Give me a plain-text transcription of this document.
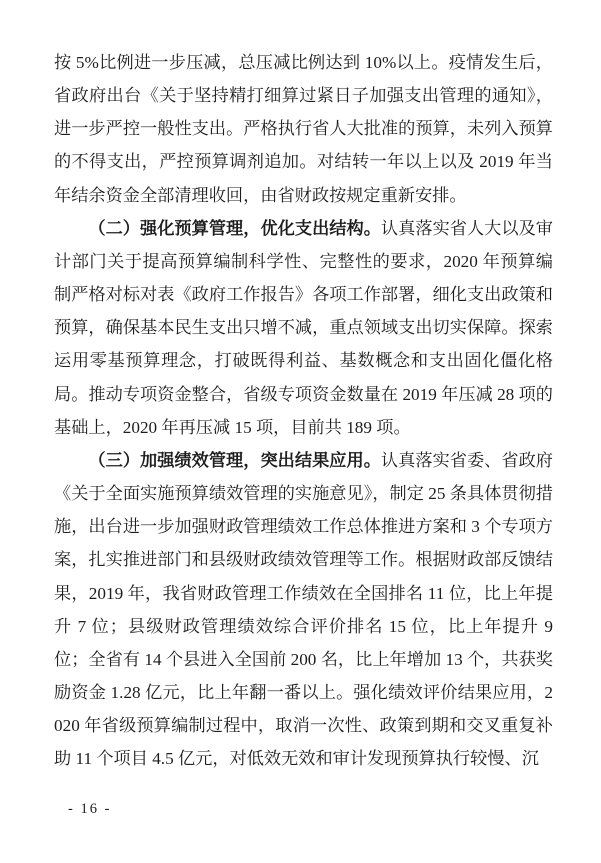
按 5%比例进一步压减，总压减比例达到 10%以上。疫情发生后，省政府出台《关于坚持精打细算过紧日子加强支出管理的通知》，进一步严控一般性支出。严格执行省人大批准的预算，未列入预算的不得支出，严控预算调剂追加。对结转一年以上以及 2019 年当年结余资金全部清理收回，由省财政按规定重新安排。

（二）强化预算管理，优化支出结构。认真落实省人大以及审计部门关于提高预算编制科学性、完整性的要求，2020 年预算编制严格对标对表《政府工作报告》各项工作部署，细化支出政策和预算，确保基本民生支出只增不减，重点领域支出切实保障。探索运用零基预算理念，打破既得利益、基数概念和支出固化僵化格局。推动专项资金整合，省级专项资金数量在 2019 年压减 28 项的基础上，2020 年再压减 15 项，目前共 189 项。

（三）加强绩效管理，突出结果应用。认真落实省委、省政府《关于全面实施预算绩效管理的实施意见》，制定 25 条具体贯彻措施，出台进一步加强财政管理绩效工作总体推进方案和 3 个专项方案，扎实推进部门和县级财政绩效管理等工作。根据财政部反馈结果，2019 年，我省财政管理工作绩效在全国排名 11 位，比上年提升 7 位；县级财政管理绩效综合评价排名 15 位，比上年提升 9 位；全省有 14 个县进入全国前 200 名，比上年增加 13 个，共获奖励资金 1.28 亿元，比上年翻一番以上。强化绩效评价结果应用，2020 年省级预算编制过程中，取消一次性、政策到期和交叉重复补助 11 个项目 4.5 亿元，对低效无效和审计发现预算执行较慢、沉

- 16 -
